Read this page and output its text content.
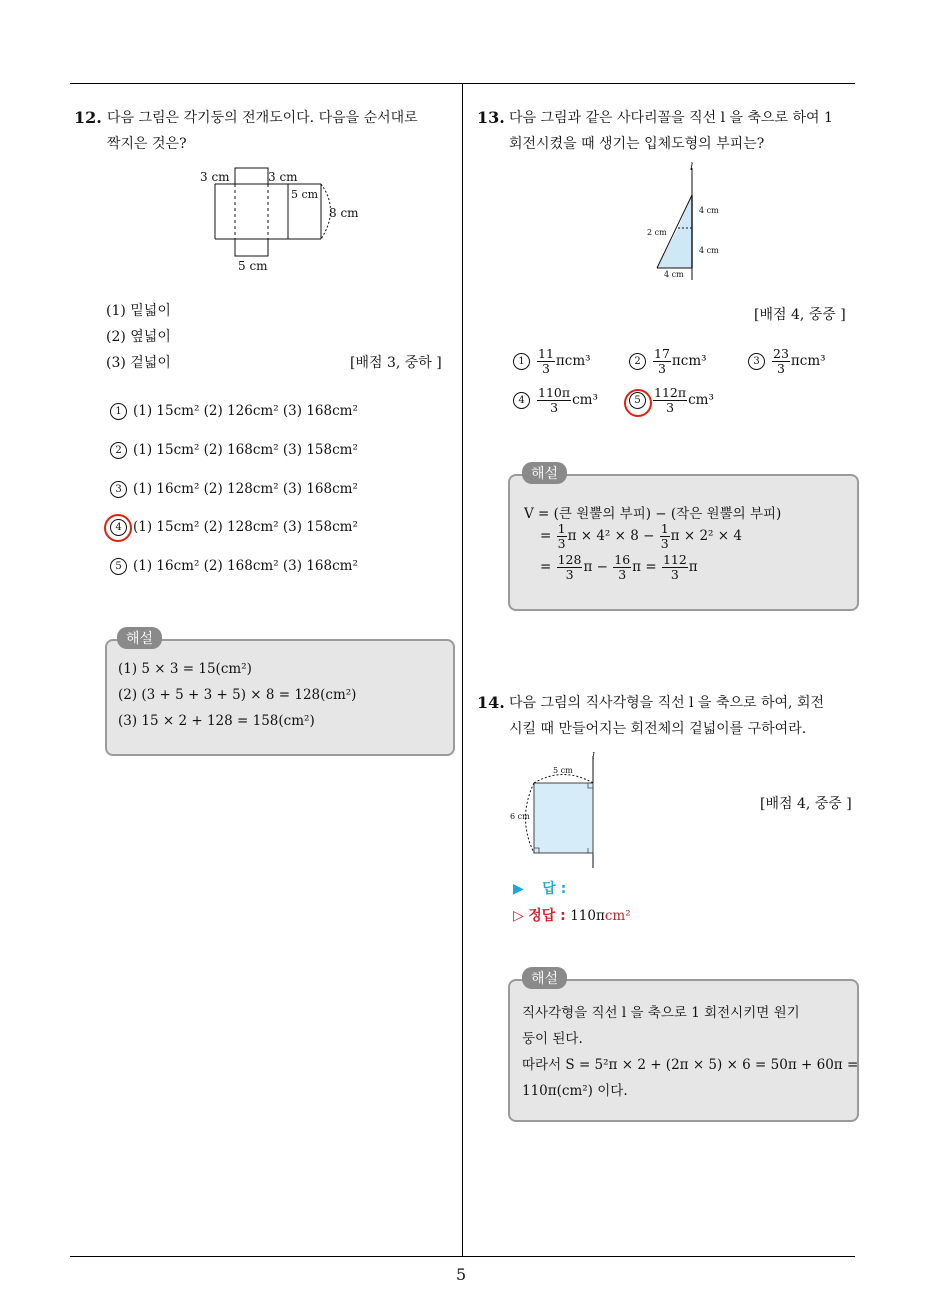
5
12. 다음 그림은 각기둥의 전개도이다. 다음을 순서대로
짝지은 것은?
3 cm	3 cm
5 cm
8 cm
5 cm
(1) 밑넓이
(2) 옆넓이
(3) 겉넓이	[배점 3, 중하 ]
1 (1) 15cm² (2) 126cm² (3) 168cm²
2 (1) 15cm² (2) 168cm² (3) 158cm²
3 (1) 16cm² (2) 128cm² (3) 168cm²
4 (1) 15cm² (2) 128cm² (3) 158cm²
5 (1) 16cm² (2) 168cm² (3) 168cm²
해설
(1) 5 × 3 = 15(cm²)
(2) (3 + 5 + 3 + 5) × 8 = 128(cm²)
(3) 15 × 2 + 128 = 158(cm²)
13. 다음 그림과 같은 사다리꼴을 직선 l 을 축으로 하여 1
회전시켰을 때 생기는 입체도형의 부피는?
l
4 cm
2 cm
4 cm
4 cm
[배점 4, 중중 ]
$1 \frac{11}{3} \pi cm^3$	$2 \frac{17}{3} \pi cm^3$	$3 \frac{23}{3} \pi cm^3$
$4 \frac{110\pi}{3} cm^3$	$5 \frac{112\pi}{3} cm^3$
해설
V = (큰 원뿔의 부피) − (작은 원뿔의 부피)
= $\frac{1}{3}$ $\pi \times 4^2 \times 8 - \frac{1}{3}$ π × 2² × 4
= $\frac{128}{3}$ $\pi - \frac{16}{3}$ $\pi = \frac{112}{3}$ π
14. 다음 그림의 직사각형을 직선 l 을 축으로 하여, 회전
시킬 때 만들어지는 회전체의 겉넓이를 구하여라.
5 cm
6 cm
l
[배점 4, 중중 ]
▶ 답 :
▷ 정답 : 110πcm²
해설
직사각형을 직선 l 을 축으로 1 회전시키면 원기
둥이 된다.
따라서 S = 5²π × 2 + (2π × 5) × 6 = 50π + 60π =
110π(cm²) 이다.
